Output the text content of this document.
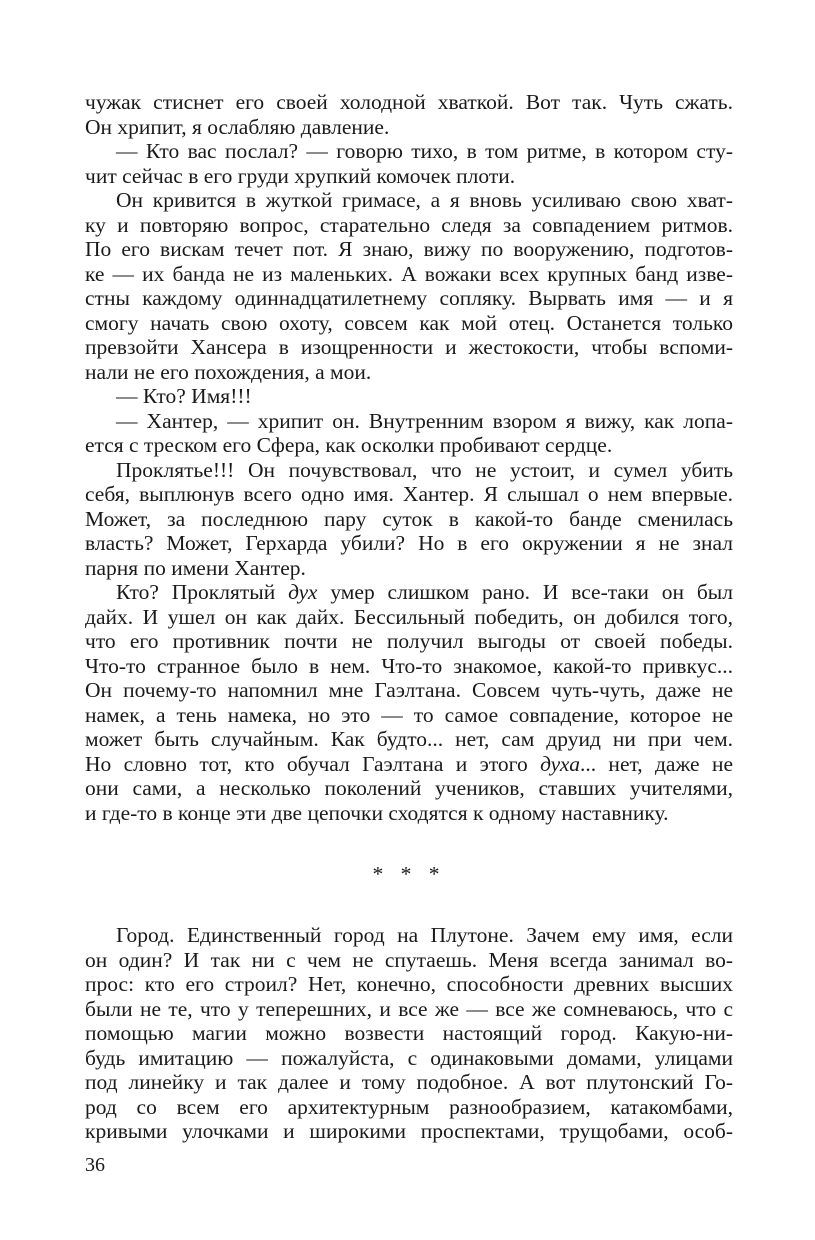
чужак стиснет его своей холодной хваткой. Вот так. Чуть сжать.
Он хрипит, я ослабляю давление.
— Кто вас послал? — говорю тихо, в том ритме, в котором сту-
чит сейчас в его груди хрупкий комочек плоти.
Он кривится в жуткой гримасе, а я вновь усиливаю свою хват-
ку и повторяю вопрос, старательно следя за совпадением ритмов.
По его вискам течет пот. Я знаю, вижу по вооружению, подготов-
ке — их банда не из маленьких. А вожаки всех крупных банд изве-
стны каждому одиннадцатилетнему сопляку. Вырвать имя — и я
смогу начать свою охоту, совсем как мой отец. Останется только
превзойти Хансера в изощренности и жестокости, чтобы вспоми-
нали не его похождения, а мои.
— Кто? Имя!!!
— Хантер, — хрипит он. Внутренним взором я вижу, как лопа-
ется с треском его Сфера, как осколки пробивают сердце.
Проклятье!!! Он почувствовал, что не устоит, и сумел убить
себя, выплюнув всего одно имя. Хантер. Я слышал о нем впервые.
Может, за последнюю пару суток в какой-то банде сменилась
власть? Может, Герхарда убили? Но в его окружении я не знал
парня по имени Хантер.
Кто? Проклятый дух умер слишком рано. И все-таки он был
дайх. И ушел он как дайх. Бессильный победить, он добился того,
что его противник почти не получил выгоды от своей победы.
Что-то странное было в нем. Что-то знакомое, какой-то привкус...
Он почему-то напомнил мне Гаэлтана. Совсем чуть-чуть, даже не
намек, а тень намека, но это — то самое совпадение, которое не
может быть случайным. Как будто... нет, сам друид ни при чем.
Но словно тот, кто обучал Гаэлтана и этого духа... нет, даже не
они сами, а несколько поколений учеников, ставших учителями,
и где-то в конце эти две цепочки сходятся к одному наставнику.
* * *
Город. Единственный город на Плутоне. Зачем ему имя, если
он один? И так ни с чем не спутаешь. Меня всегда занимал во-
прос: кто его строил? Нет, конечно, способности древних высших
были не те, что у теперешних, и все же — все же сомневаюсь, что с
помощью магии можно возвести настоящий город. Какую-ни-
будь имитацию — пожалуйста, с одинаковыми домами, улицами
под линейку и так далее и тому подобное. А вот плутонский Го-
род со всем его архитектурным разнообразием, катакомбами,
кривыми улочками и широкими проспектами, трущобами, особ-
36
